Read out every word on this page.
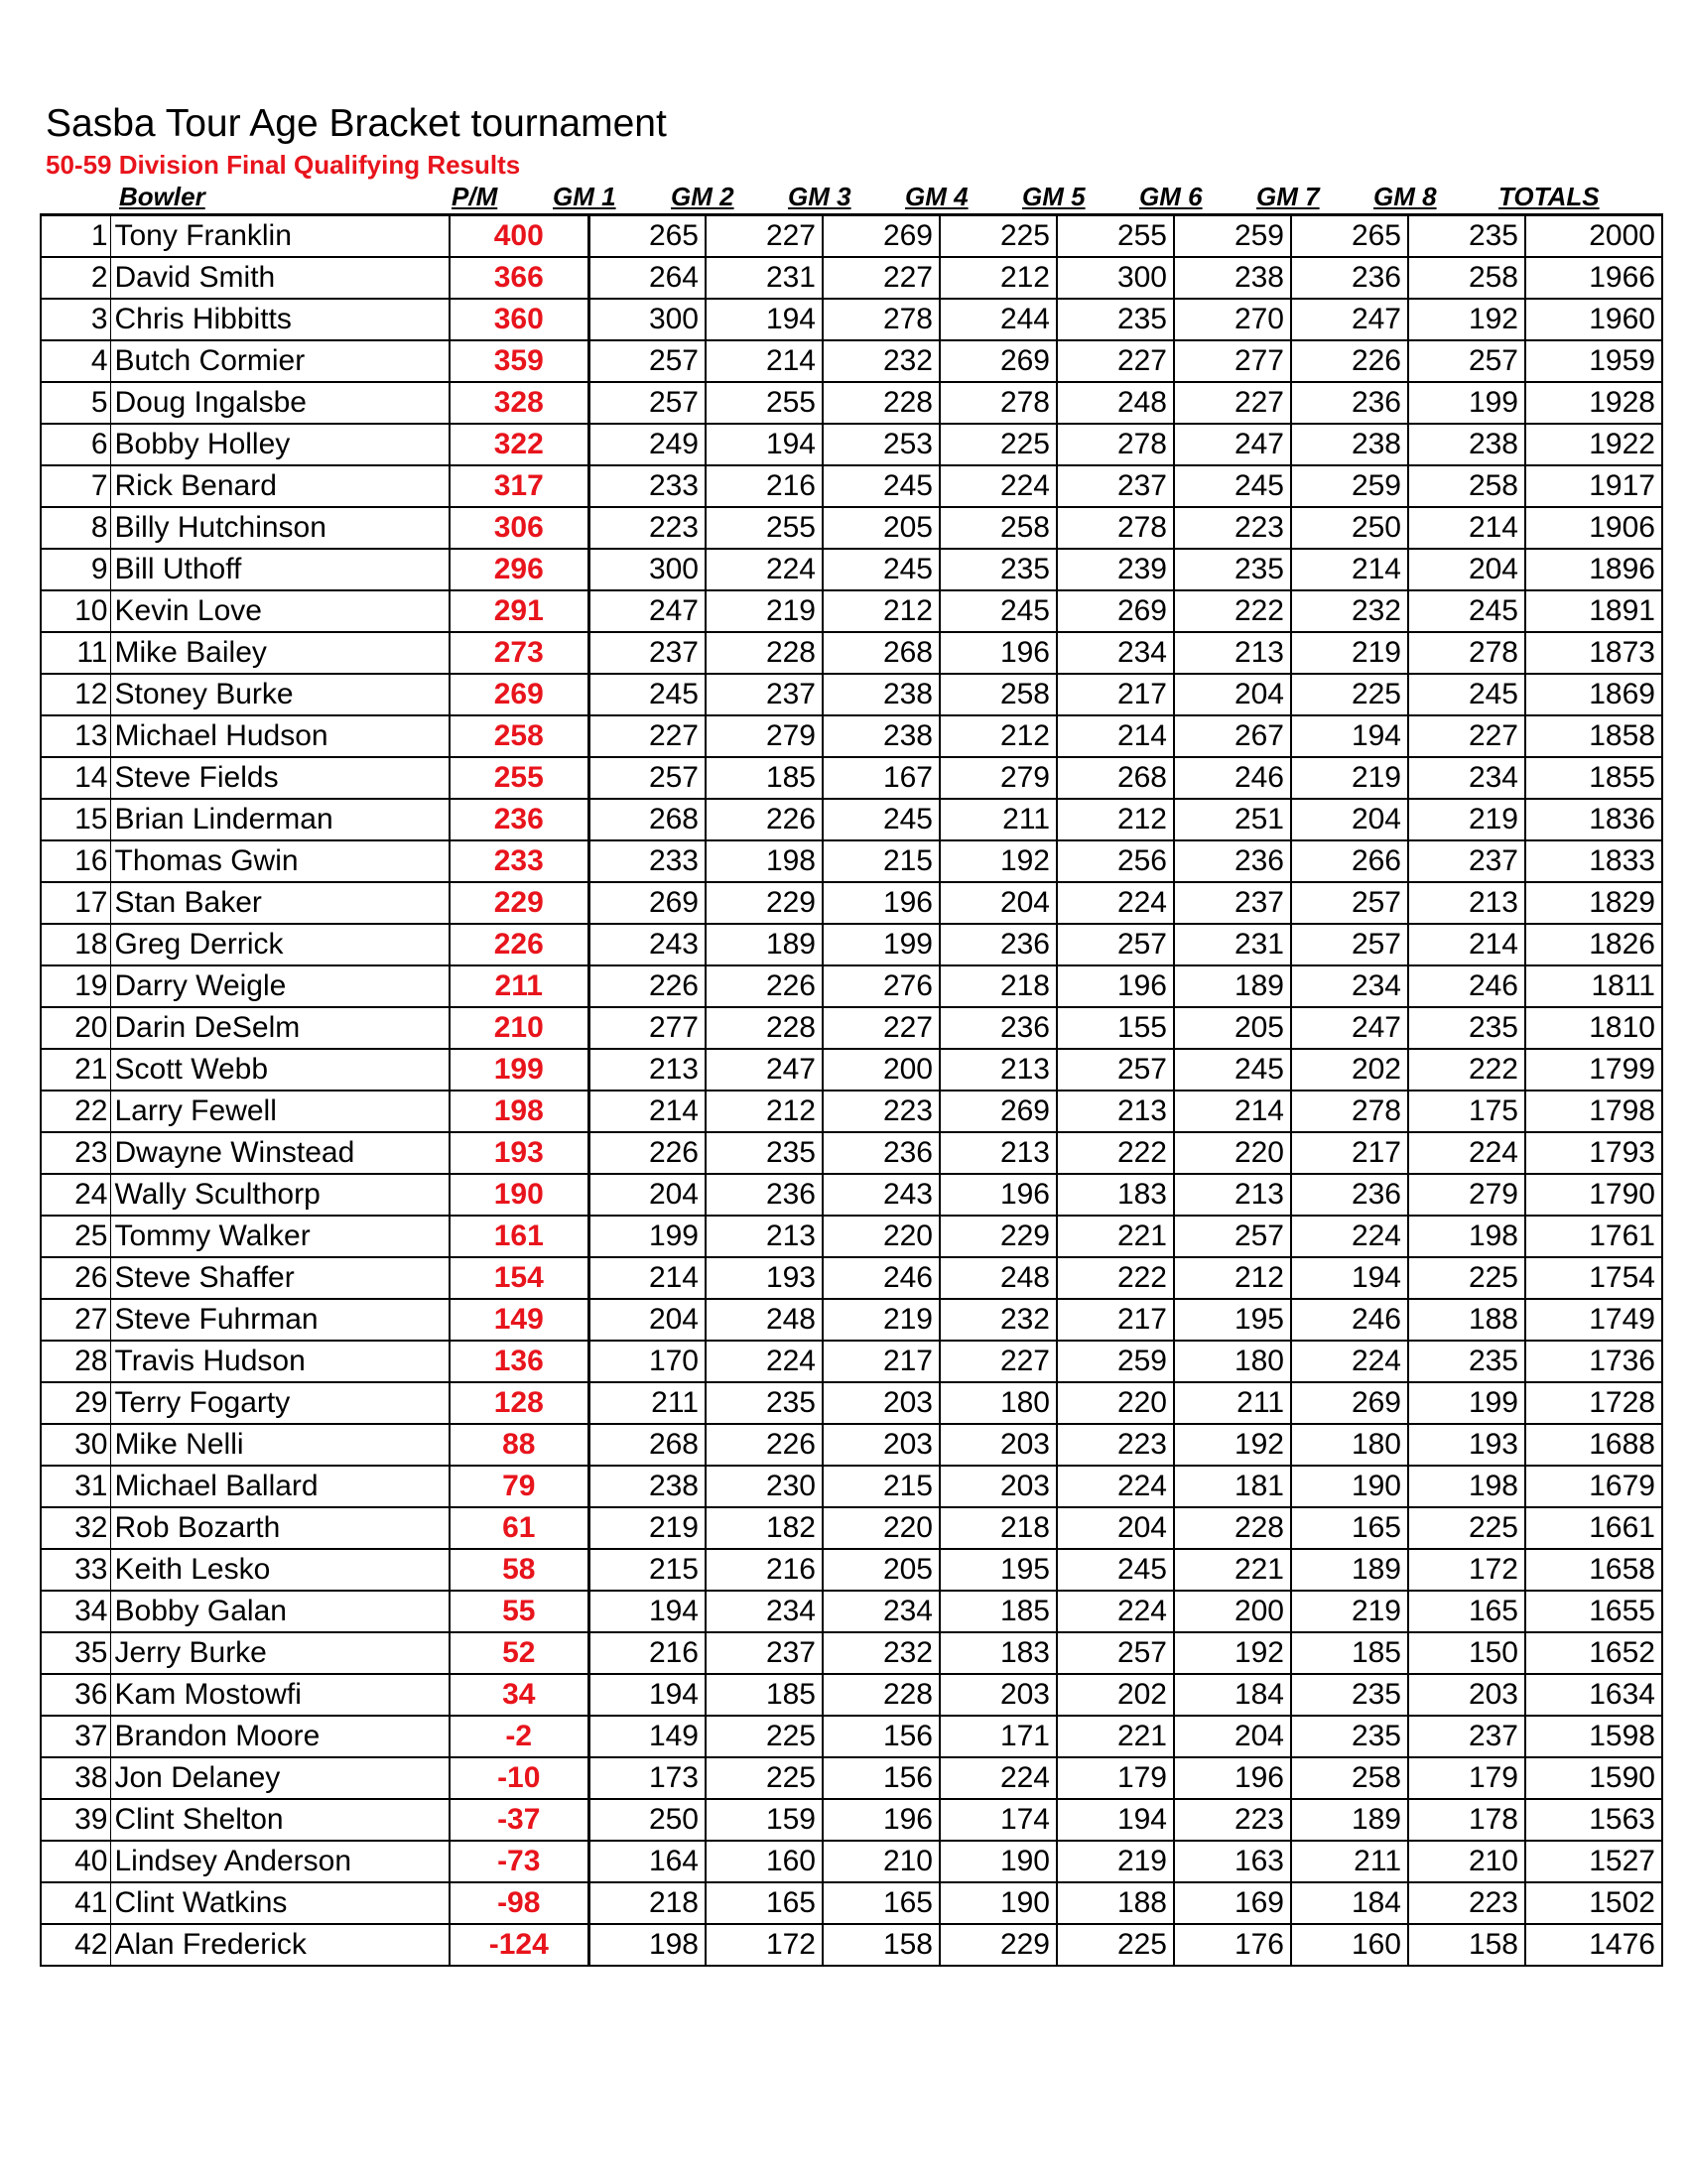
Sasba Tour Age Bracket tournament
50-59 Division Final Qualifying Results
Bowler	P/M GM 1 GM 2 GM 3 GM 4 GM 5 GM 6 GM 7 GM 8 TOTALS
1	Tony Franklin	400	265	227	269	225	255	259	265	235	2000
2	David Smith	366	264	231	227	212	300	238	236	258	1966
3	Chris Hibbitts	360	300	194	278	244	235	270	247	192	1960
4	Butch Cormier	359	257	214	232	269	227	277	226	257	1959
5	Doug Ingalsbe	328	257	255	228	278	248	227	236	199	1928
6	Bobby Holley	322	249	194	253	225	278	247	238	238	1922
7	Rick Benard	317	233	216	245	224	237	245	259	258	1917
8	Billy Hutchinson	306	223	255	205	258	278	223	250	214	1906
9	Bill Uthoff	296	300	224	245	235	239	235	214	204	1896
10	Kevin Love	291	247	219	212	245	269	222	232	245	1891
11	Mike Bailey	273	237	228	268	196	234	213	219	278	1873
12	Stoney Burke	269	245	237	238	258	217	204	225	245	1869
13	Michael Hudson	258	227	279	238	212	214	267	194	227	1858
14	Steve Fields	255	257	185	167	279	268	246	219	234	1855
15	Brian Linderman	236	268	226	245	211	212	251	204	219	1836
16	Thomas Gwin	233	233	198	215	192	256	236	266	237	1833
17	Stan Baker	229	269	229	196	204	224	237	257	213	1829
18	Greg Derrick	226	243	189	199	236	257	231	257	214	1826
19	Darry Weigle	211	226	226	276	218	196	189	234	246	1811
20	Darin DeSelm	210	277	228	227	236	155	205	247	235	1810
21	Scott Webb	199	213	247	200	213	257	245	202	222	1799
22	Larry Fewell	198	214	212	223	269	213	214	278	175	1798
23	Dwayne Winstead	193	226	235	236	213	222	220	217	224	1793
24	Wally Sculthorp	190	204	236	243	196	183	213	236	279	1790
25	Tommy Walker	161	199	213	220	229	221	257	224	198	1761
26	Steve Shaffer	154	214	193	246	248	222	212	194	225	1754
27	Steve Fuhrman	149	204	248	219	232	217	195	246	188	1749
28	Travis Hudson	136	170	224	217	227	259	180	224	235	1736
29	Terry Fogarty	128	211	235	203	180	220	211	269	199	1728
30	Mike Nelli	88	268	226	203	203	223	192	180	193	1688
31	Michael Ballard	79	238	230	215	203	224	181	190	198	1679
32	Rob Bozarth	61	219	182	220	218	204	228	165	225	1661
33	Keith Lesko	58	215	216	205	195	245	221	189	172	1658
34	Bobby Galan	55	194	234	234	185	224	200	219	165	1655
35	Jerry Burke	52	216	237	232	183	257	192	185	150	1652
36	Kam Mostowfi	34	194	185	228	203	202	184	235	203	1634
37	Brandon Moore	-2	149	225	156	171	221	204	235	237	1598
38	Jon Delaney	-10	173	225	156	224	179	196	258	179	1590
39	Clint Shelton	-37	250	159	196	174	194	223	189	178	1563
40	Lindsey Anderson	-73	164	160	210	190	219	163	211	210	1527
41	Clint Watkins	-98	218	165	165	190	188	169	184	223	1502
42	Alan Frederick	-124	198	172	158	229	225	176	160	158	1476
